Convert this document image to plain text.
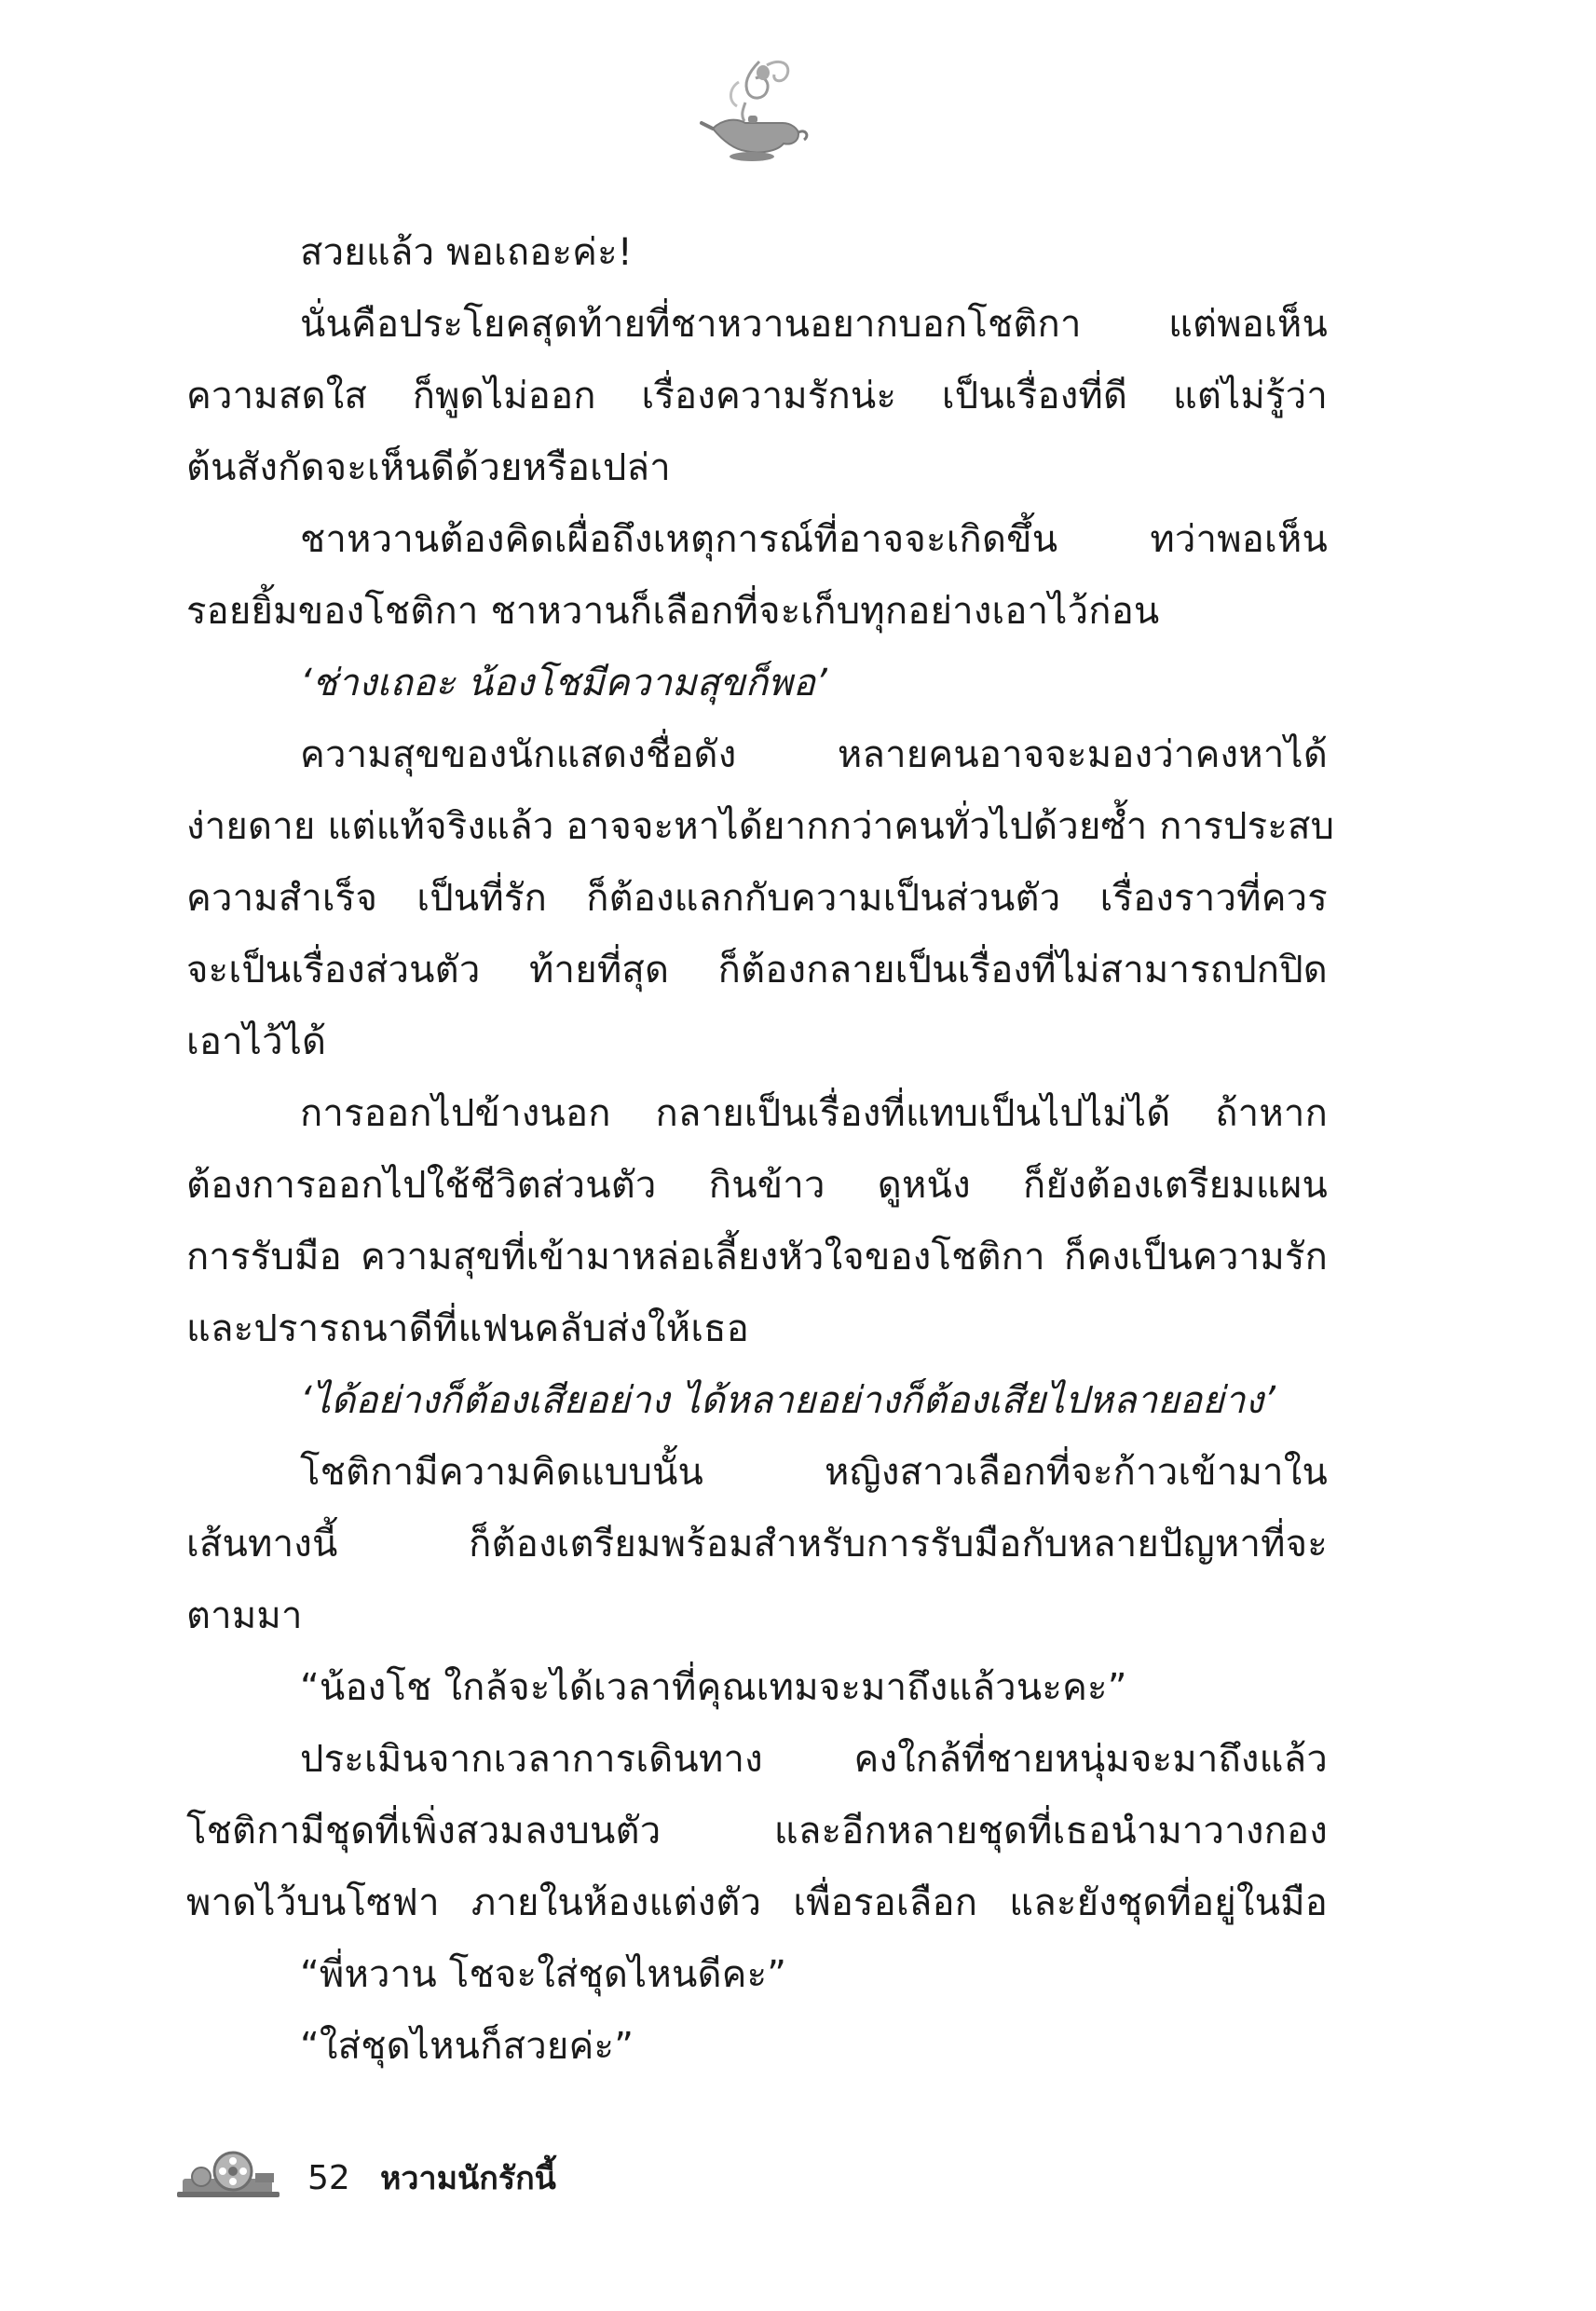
สวยแล้ว พอเถอะค่ะ!
นั่นคือประโยคสุดท้ายที่ชาหวานอยากบอกโชติกา แต่พอเห็น
ความสดใส ก็พูดไม่ออก เรื่องความรักน่ะ เป็นเรื่องที่ดี แต่ไม่รู้ว่า
ต้นสังกัดจะเห็นดีด้วยหรือเปล่า
ชาหวานต้องคิดเผื่อถึงเหตุการณ์ที่อาจจะเกิดขึ้น ทว่าพอเห็น
รอยยิ้มของโชติกา ชาหวานก็เลือกที่จะเก็บทุกอย่างเอาไว้ก่อน
‘ช่างเถอะ น้องโชมีความสุขก็พอ’
ความสุขของนักแสดงชื่อดัง หลายคนอาจจะมองว่าคงหาได้
ง่ายดาย แต่แท้จริงแล้ว อาจจะหาได้ยากกว่าคนทั่วไปด้วยซ้ำ การประสบ
ความสำเร็จ เป็นที่รัก ก็ต้องแลกกับความเป็นส่วนตัว เรื่องราวที่ควร
จะเป็นเรื่องส่วนตัว ท้ายที่สุด ก็ต้องกลายเป็นเรื่องที่ไม่สามารถปกปิด
เอาไว้ได้
การออกไปข้างนอก กลายเป็นเรื่องที่แทบเป็นไปไม่ได้ ถ้าหาก
ต้องการออกไปใช้ชีวิตส่วนตัว กินข้าว ดูหนัง ก็ยังต้องเตรียมแผน
การรับมือ ความสุขที่เข้ามาหล่อเลี้ยงหัวใจของโชติกา ก็คงเป็นความรัก
และปรารถนาดีที่แฟนคลับส่งให้เธอ
‘ได้อย่างก็ต้องเสียอย่าง ได้หลายอย่างก็ต้องเสียไปหลายอย่าง’
โชติกามีความคิดแบบนั้น หญิงสาวเลือกที่จะก้าวเข้ามาใน
เส้นทางนี้ ก็ต้องเตรียมพร้อมสำหรับการรับมือกับหลายปัญหาที่จะ
ตามมา
“น้องโช ใกล้จะได้เวลาที่คุณเทมจะมาถึงแล้วนะคะ”
ประเมินจากเวลาการเดินทาง คงใกล้ที่ชายหนุ่มจะมาถึงแล้ว
โชติกามีชุดที่เพิ่งสวมลงบนตัว และอีกหลายชุดที่เธอนำมาวางกอง
พาดไว้บนโซฟา ภายในห้องแต่งตัว เพื่อรอเลือก และยังชุดที่อยู่ในมือ
“พี่หวาน โชจะใส่ชุดไหนดีคะ”
“ใส่ชุดไหนก็สวยค่ะ”
52 หวามนักรักนี้
